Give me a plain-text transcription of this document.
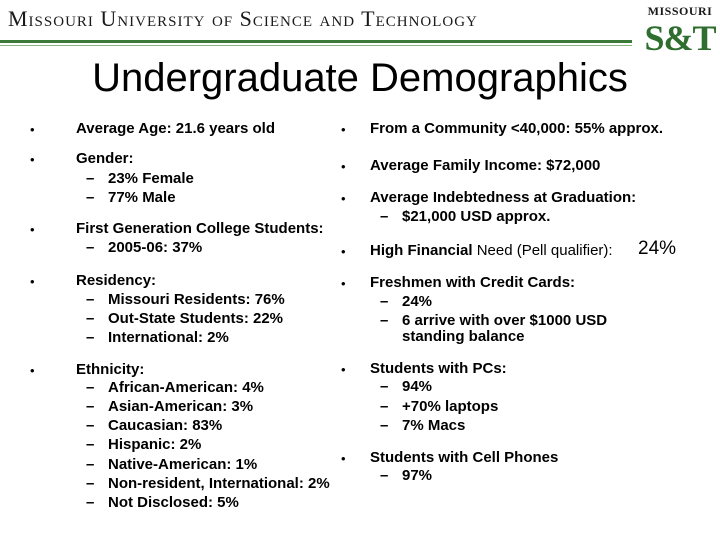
Missouri University of Science and Technology	MISSOURI
S&T
Undergraduate Demographics
•	Average Age: 21.6 years old
•	Gender:
– 23% Female
– 77% Male
•	First Generation College Students:
– 2005-06: 37%
•	Residency:
– Missouri Residents: 76%
– Out-State Students: 22%
– International: 2%
•	Ethnicity:
– African-American: 4%
– Asian-American: 3%
– Caucasian: 83%
– Hispanic: 2%
– Native-American: 1%
– Non-resident, International: 2%
– Not Disclosed: 5%
• From a Community <40,000: 55% approx.
• Average Family Income: $72,000
• Average Indebtedness at Graduation:
– $21,000 USD approx.
• High Financial Need (Pell qualifier): 24%
• Freshmen with Credit Cards:
– 24%
– 6 arrive with over $1000 USD
standing balance
• Students with PCs:
– 94%
– +70% laptops
– 7% Macs
• Students with Cell Phones
– 97%
